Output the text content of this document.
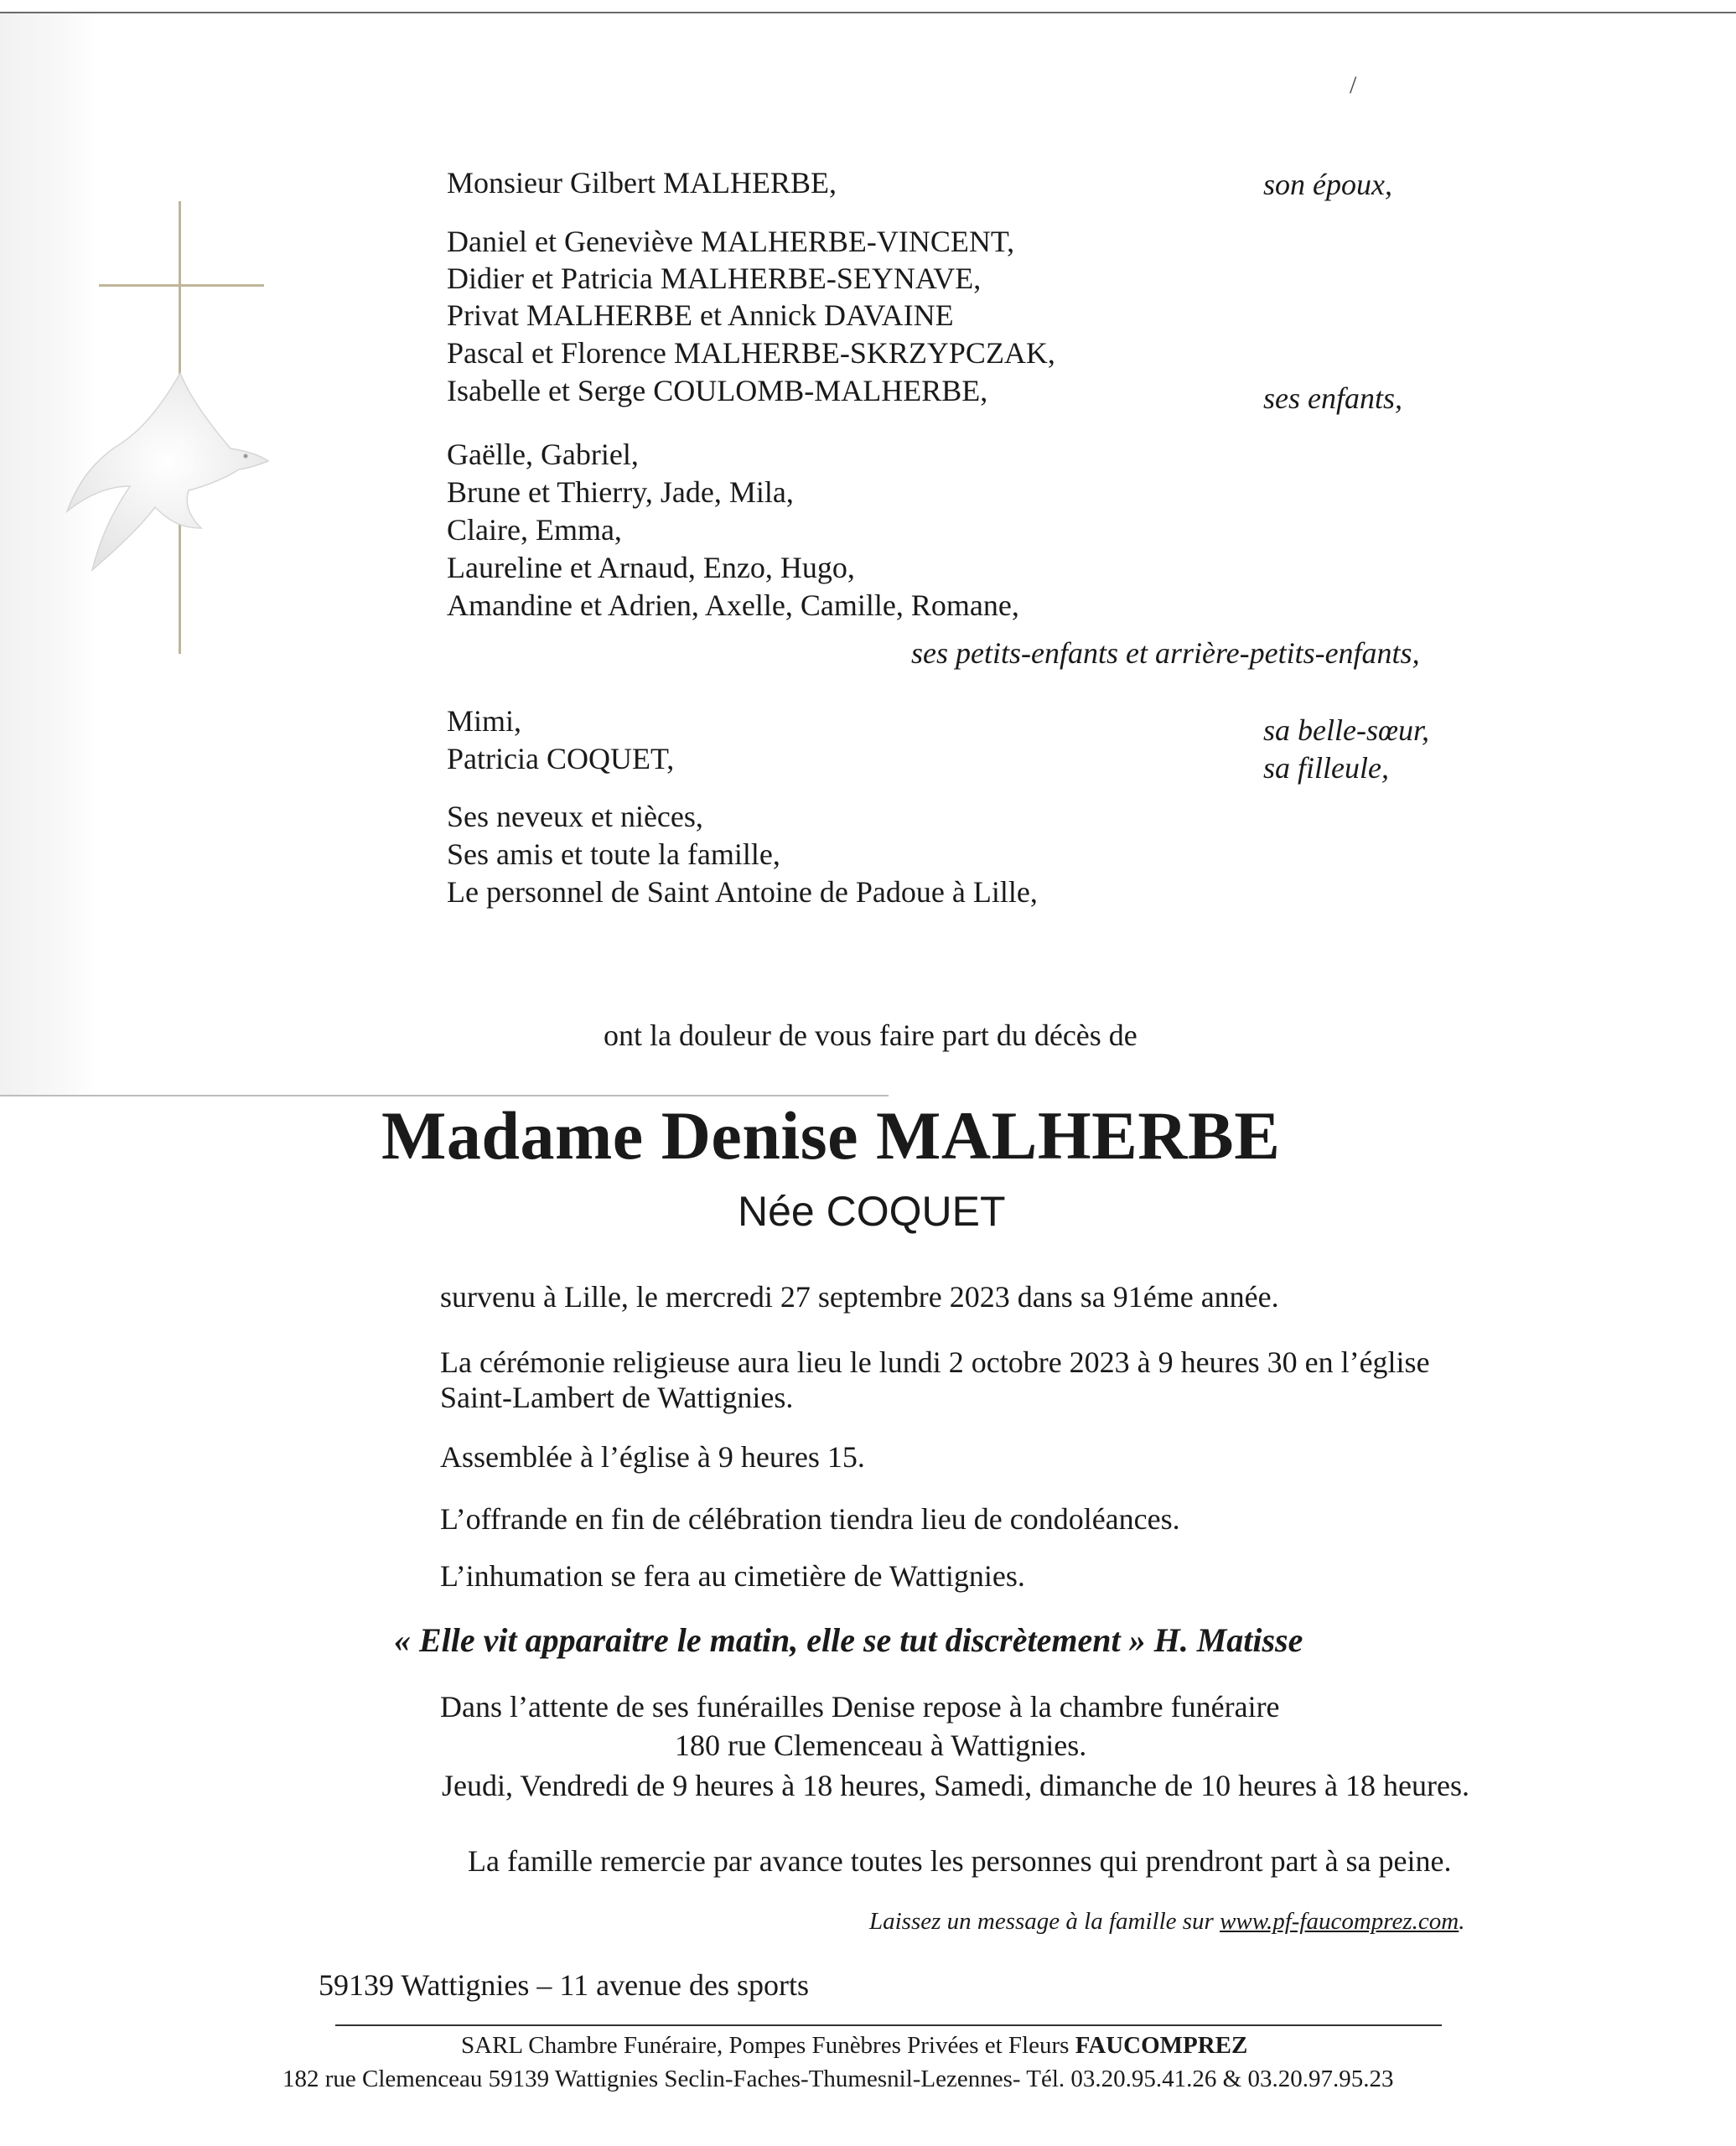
/
Monsieur Gilbert MALHERBE,	son époux,
Daniel et Geneviève MALHERBE-VINCENT,
Didier et Patricia MALHERBE-SEYNAVE,
Privat MALHERBE et Annick DAVAINE
Pascal et Florence MALHERBE-SKRZYPCZAK,
Isabelle et Serge COULOMB-MALHERBE,	ses enfants,
Gaëlle, Gabriel,
Brune et Thierry, Jade, Mila,
Claire, Emma,
Laureline et Arnaud, Enzo, Hugo,
Amandine et Adrien, Axelle, Camille, Romane,
ses petits-enfants et arrière-petits-enfants,
Mimi,	sa belle-sœur,
Patricia COQUET,	sa filleule,
Ses neveux et nièces,
Ses amis et toute la famille,
Le personnel de Saint Antoine de Padoue à Lille,
ont la douleur de vous faire part du décès de
Madame Denise MALHERBE
Née COQUET
survenu à Lille, le mercredi 27 septembre 2023 dans sa 91éme année.
La cérémonie religieuse aura lieu le lundi 2 octobre 2023 à 9 heures 30 en l’église
Saint-Lambert de Wattignies.
Assemblée à l’église à 9 heures 15.
L’offrande en fin de célébration tiendra lieu de condoléances.
L’inhumation se fera au cimetière de Wattignies.
« Elle vit apparaitre le matin, elle se tut discrètement » H. Matisse
Dans l’attente de ses funérailles Denise repose à la chambre funéraire
180 rue Clemenceau à Wattignies.
Jeudi, Vendredi de 9 heures à 18 heures, Samedi, dimanche de 10 heures à 18 heures.
La famille remercie par avance toutes les personnes qui prendront part à sa peine.
Laissez un message à la famille sur www.pf-faucomprez.com.
59139 Wattignies – 11 avenue des sports
SARL Chambre Funéraire, Pompes Funèbres Privées et Fleurs FAUCOMPREZ
182 rue Clemenceau 59139 Wattignies Seclin-Faches-Thumesnil-Lezennes- Tél. 03.20.95.41.26 & 03.20.97.95.23
